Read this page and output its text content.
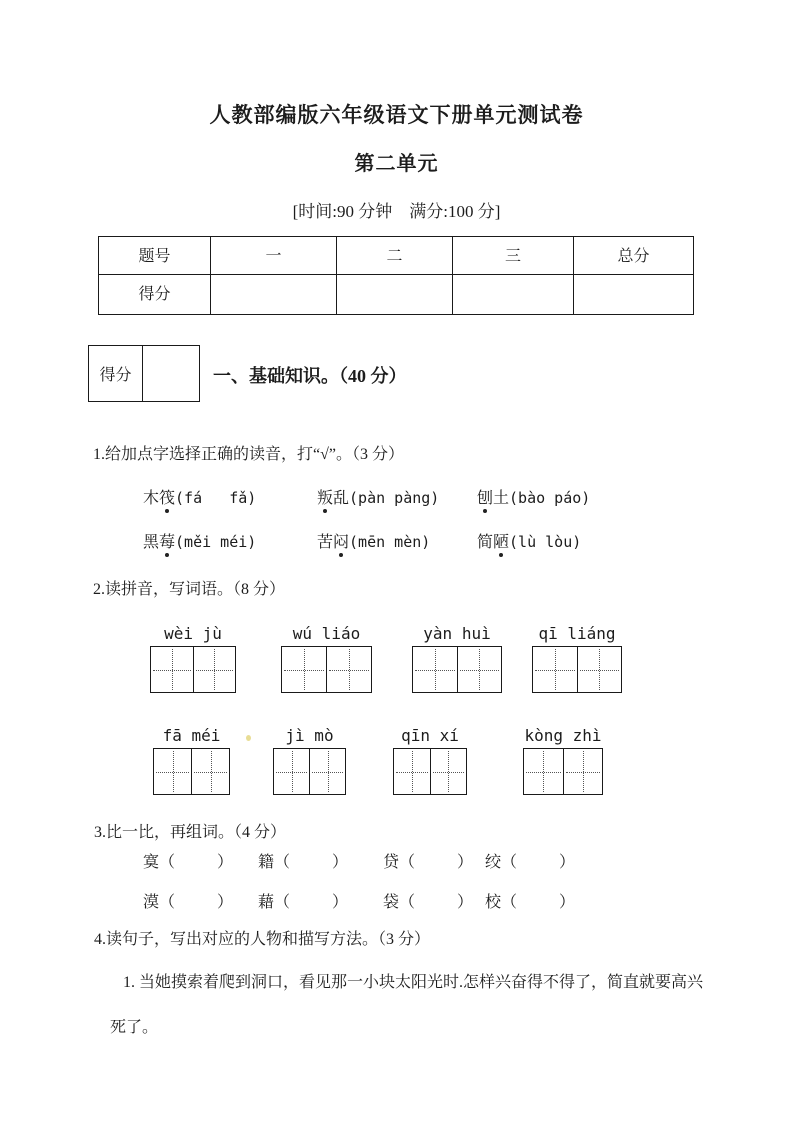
人教部编版六年级语文下册单元测试卷
第二单元
[时间:90 分钟    满分:100 分]
题号	一	二	三	总分
得分				
得分	一、基础知识。（40 分）
1.给加点字选择正确的读音，打“√”。（3 分）
木筏(fá   fǎ)	叛乱(pàn pàng)	刨土(bào páo)
黑莓(měi méi)	苦闷(mēn mèn)	简陋(lù lòu)
2.读拼音，写词语。（8 分）
wèi jù	wú liáo	yàn huì	qī liáng
fā méi	jì mò	qīn xí	kòng zhì
3.比一比，再组词。（4 分）
寞（	）	籍（	）	贷（	） 绞（	）
漠（	）	藉（	）	袋（	） 校（	）
4.读句子，写出对应的人物和描写方法。（3 分）
1. 当她摸索着爬到洞口，看见那一小块太阳光时.怎样兴奋得不得了，简直就要高兴死了。
